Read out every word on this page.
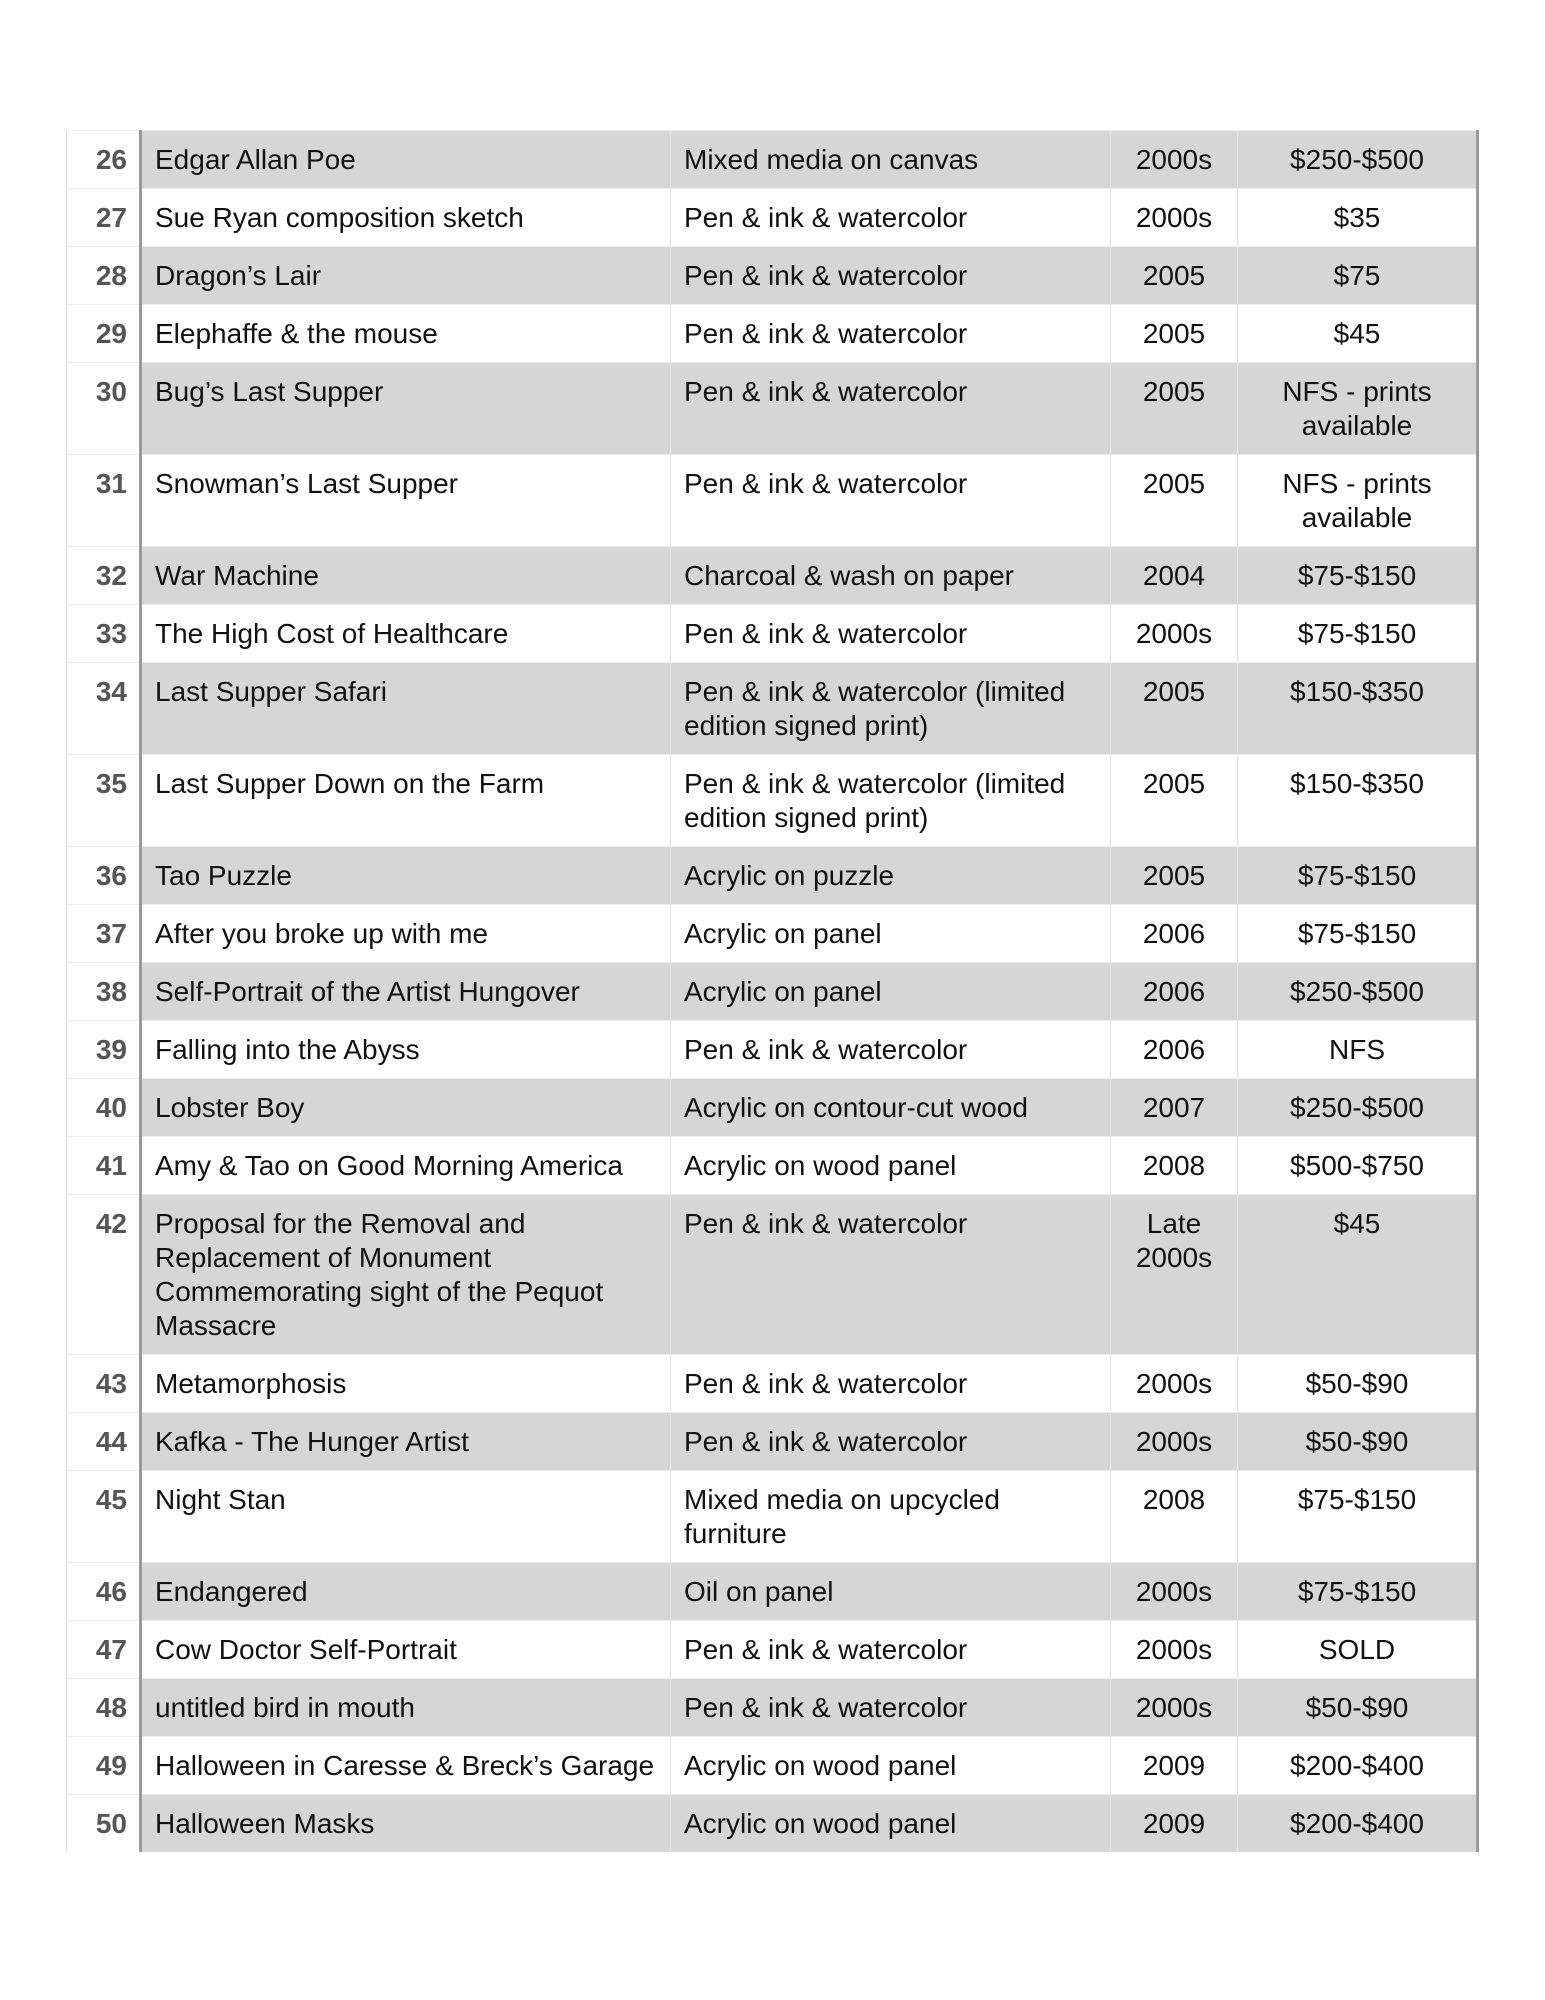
26	Edgar Allan Poe	Mixed media on canvas	2000s	$250-$500
27	Sue Ryan composition sketch	Pen & ink & watercolor	2000s	$35
28	Dragon’s Lair	Pen & ink & watercolor	2005	$75
29	Elephaffe & the mouse	Pen & ink & watercolor	2005	$45
30	Bug’s Last Supper	Pen & ink & watercolor	2005	NFS - prints available
31	Snowman’s Last Supper	Pen & ink & watercolor	2005	NFS - prints available
32	War Machine	Charcoal & wash on paper	2004	$75-$150
33	The High Cost of Healthcare	Pen & ink & watercolor	2000s	$75-$150
34	Last Supper Safari	Pen & ink & watercolor (limited edition signed print)	2005	$150-$350
35	Last Supper Down on the Farm	Pen & ink & watercolor (limited edition signed print)	2005	$150-$350
36	Tao Puzzle	Acrylic on puzzle	2005	$75-$150
37	After you broke up with me	Acrylic on panel	2006	$75-$150
38	Self-Portrait of the Artist Hungover	Acrylic on panel	2006	$250-$500
39	Falling into the Abyss	Pen & ink & watercolor	2006	NFS
40	Lobster Boy	Acrylic on contour-cut wood	2007	$250-$500
41	Amy & Tao on Good Morning America	Acrylic on wood panel	2008	$500-$750
42	Proposal for the Removal and Replacement of Monument Commemorating sight of the Pequot Massacre	Pen & ink & watercolor	Late 2000s	$45
43	Metamorphosis	Pen & ink & watercolor	2000s	$50-$90
44	Kafka - The Hunger Artist	Pen & ink & watercolor	2000s	$50-$90
45	Night Stan	Mixed media on upcycled furniture	2008	$75-$150
46	Endangered	Oil on panel	2000s	$75-$150
47	Cow Doctor Self-Portrait	Pen & ink & watercolor	2000s	SOLD
48	untitled bird in mouth	Pen & ink & watercolor	2000s	$50-$90
49	Halloween in Caresse & Breck’s Garage	Acrylic on wood panel	2009	$200-$400
50	Halloween Masks	Acrylic on wood panel	2009	$200-$400
